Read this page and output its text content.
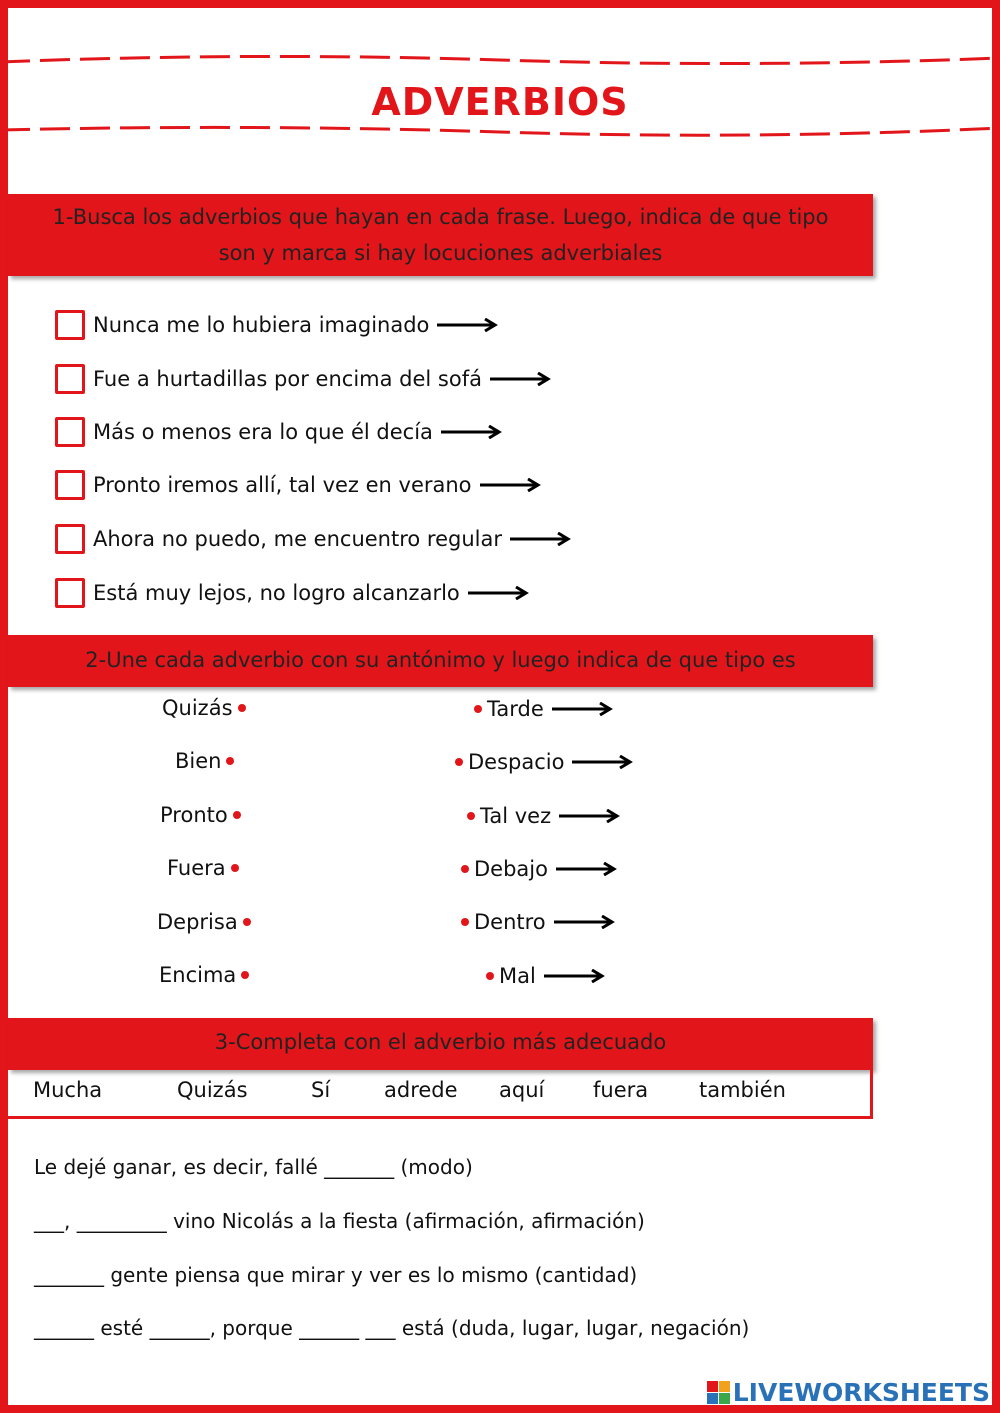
ADVERBIOS
1-Busca los adverbios que hayan en cada frase. Luego, indica de que tipo
son y marca si hay locuciones adverbiales
Nunca me lo hubiera imaginado
Fue a hurtadillas por encima del sofá
Más o menos era lo que él decía
Pronto iremos allí, tal vez en verano
Ahora no puedo, me encuentro regular
Está muy lejos, no logro alcanzarlo
2-Une cada adverbio con su antónimo y luego indica de que tipo es
Quizás
Bien
Pronto
Fuera
Deprisa
Encima
Tarde
Despacio
Tal vez
Debajo
Dentro
Mal
3-Completa con el adverbio más adecuado
Mucha	Quizás	Sí	adrede aquí fuera también
Le dejé ganar, es decir, fallé _______ (modo)
___, _________ vino Nicolás a la fiesta (afirmación, afirmación)
_______ gente piensa que mirar y ver es lo mismo (cantidad)
______ esté ______, porque ______ ___ está (duda, lugar, lugar, negación)
LIVEWORKSHEETS
